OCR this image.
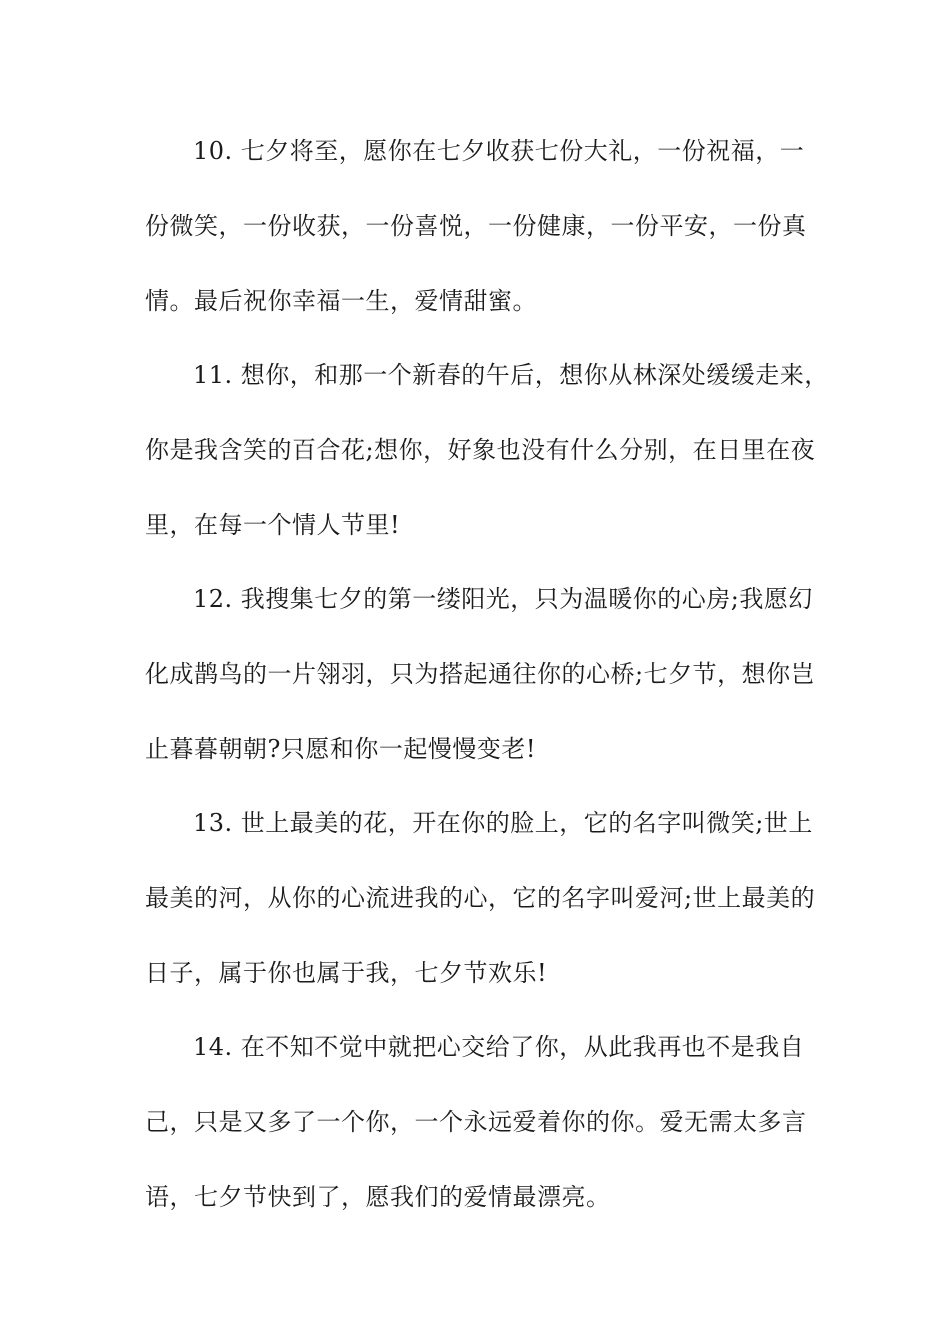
10. 七夕将至，愿你在七夕收获七份大礼，一份祝福，一
份微笑，一份收获，一份喜悦，一份健康，一份平安，一份真
情。最后祝你幸福一生，爱情甜蜜。
11. 想你，和那一个新春的午后，想你从林深处缓缓走来，
你是我含笑的百合花;想你，好象也没有什么分别，在日里在夜
里，在每一个情人节里!
12. 我搜集七夕的第一缕阳光，只为温暖你的心房;我愿幻
化成鹊鸟的一片翎羽，只为搭起通往你的心桥;七夕节，想你岂
止暮暮朝朝?只愿和你一起慢慢变老!
13. 世上最美的花，开在你的脸上，它的名字叫微笑;世上
最美的河，从你的心流进我的心，它的名字叫爱河;世上最美的
日子，属于你也属于我，七夕节欢乐!
14. 在不知不觉中就把心交给了你，从此我再也不是我自
己，只是又多了一个你，一个永远爱着你的你。爱无需太多言
语，七夕节快到了，愿我们的爱情最漂亮。
